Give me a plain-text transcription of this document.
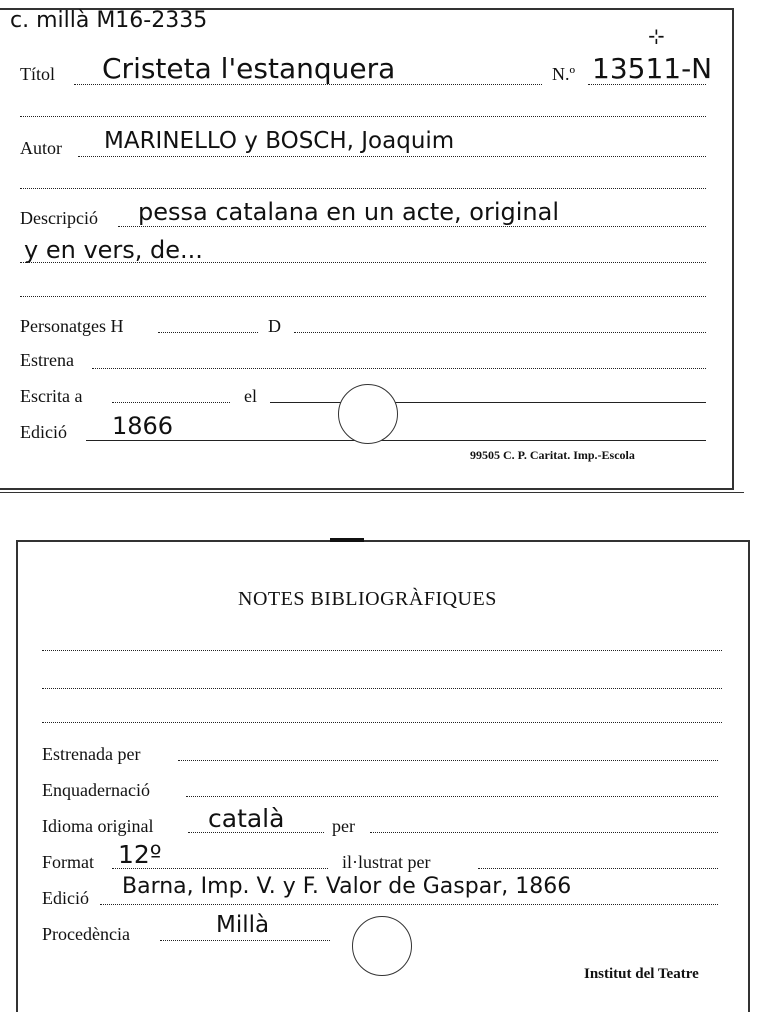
c. millà M16-2335
⊹
Títol Cristeta l'estanquera	N.º 13511-N
Autor MARINELLO y BOSCH, Joaquim
Descripció pessa catalana en un acte, original
y en vers, de...
Personatges H	D
Estrena
Escrita a	el
Edició 1866
99505 C. P. Caritat. Imp.-Escola
NOTES BIBLIOGRÀFIQUES
Estrenada per
Enquadernació
Idioma original català	per
Format 12º	il·lustrat per
Edició Barna, Imp. V. y F. Valor de Gaspar, 1866
Procedència	Millà
Institut del Teatre
